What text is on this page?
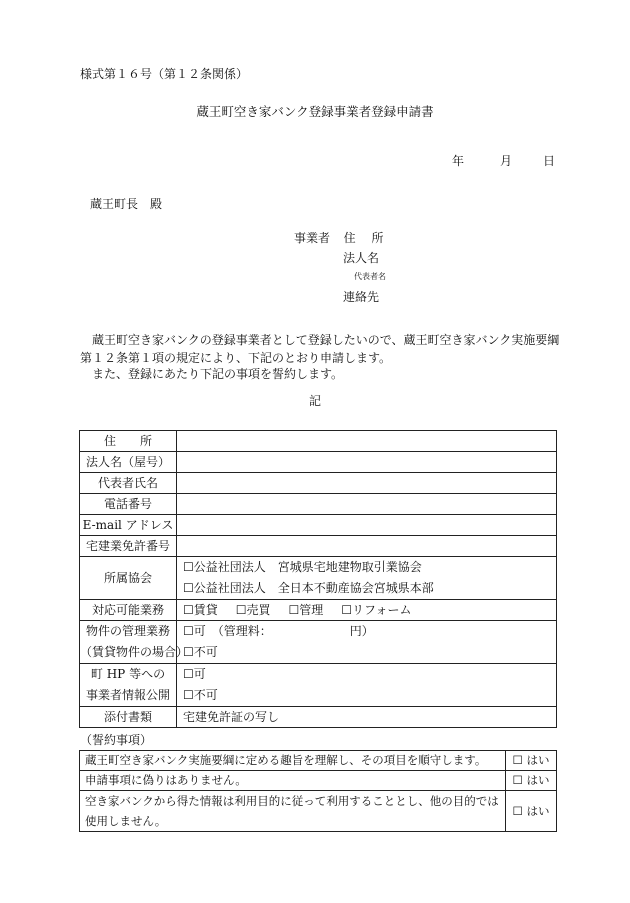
様式第１６号（第１２条関係）
蔵王町空き家バンク登録事業者登録申請書
年	月	日
蔵王町長　殿
事業者 住　 所
法人名
代表者名
連絡先
　蔵王町空き家バンクの登録事業者として登録したいので、蔵王町空き家バンク実施要綱第１２条第１項の規定により、下記のとおり申請します。
　また、登録にあたり下記の事項を誓約します。
記
住　　所	
法人名（屋号）	
代表者氏名	
電話番号	
E-mail アドレス	
宅建業免許番号	
所属協会	☐公益社団法人　宮城県宅地建物取引業協会
☐公益社団法人　全日本不動産協会宮城県本部

対応可能業務	☐賃貸 ☐売買 ☐管理 ☐リフォーム

物件の管理業務
（賃貸物件の場合）	☐可　（管理料：　　　　　　　円）
☐不可

町 HP 等への
事業者情報公開	☐可
☐不可

添付書類	宅建免許証の写し
（誓約事項）
蔵王町空き家バンク実施要綱に定める趣旨を理解し、その項目を順守します。	☐ はい
申請事項に偽りはありません。	☐ はい
空き家バンクから得た情報は利用目的に従って利用することとし、他の目的では使用しません。	☐ はい
